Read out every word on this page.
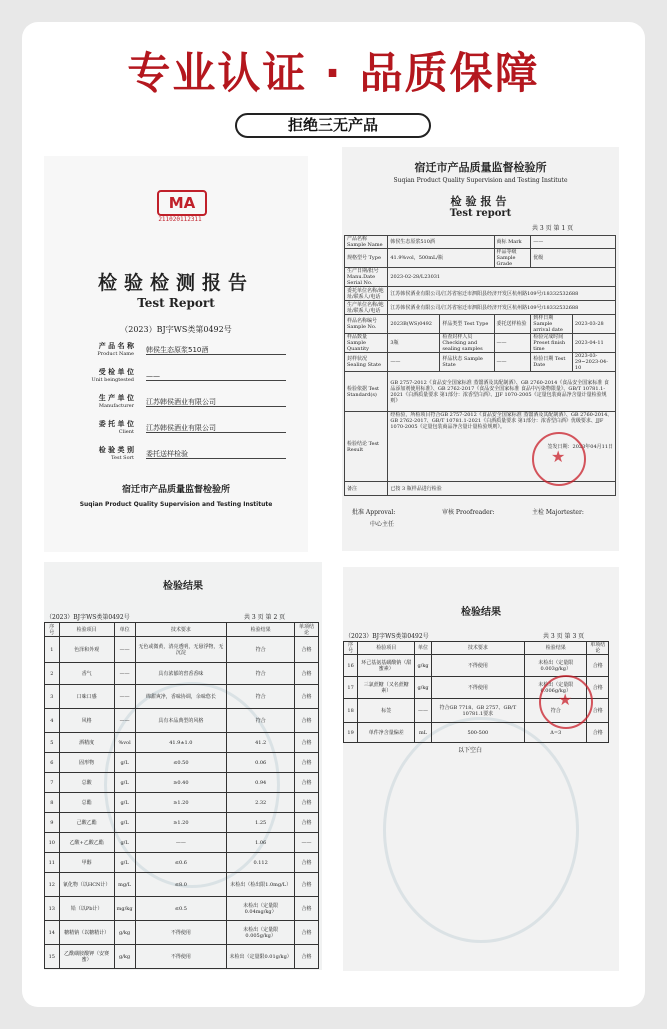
专业认证 · 品质保障
拒绝三无产品
MA
211020112311
检验检测报告
Test Report
（2023）BJ字WS类第0492号
产 品 名 称
Product Name 韩侯生态原浆510酒
受 检 单 位
Unit beingtested ——
生 产 单 位
Manufacturer 江苏韩侯酒业有限公司
委 托 单 位
Client 江苏韩侯酒业有限公司
检 验 类 别
Test Sort 委托送样检验
宿迁市产品质量监督检验所
Suqian Product Quality Supervision and Testing Institute
宿迁市产品质量监督检验所
Suqian Product Quality Supervision and Testing Institute
检验报告
Test report
共 3 页 第 1 页
产品名称 Sample Name	韩侯生态原浆510酒		商标 Mark	——	
规格型号 Type	41.9%vol，500mL/瓶		样品等级 Sample Grade	优级	
生产日期/批号 Manu.Date Serial No.	2023-02-28/L23031				
委托单位名称/地址/联系人/电话	江苏韩侯酒业有限公司/江苏省宿迁市泗阳县经济开发区杭州路109号/18332532688				
生产单位名称/地址/联系人/电话	江苏韩侯酒业有限公司/江苏省宿迁市泗阳县经济开发区杭州路109号/18332532688				
样品名称编号 Sample No.	2023B(WS)0492	样品类型 Test Type	委托送样检验	到样日期 Sample arrival date	2023-03-28
样品数量 Sample Quantity	3瓶	检查封样人员 Checking and sealing samples	——	检验完成时间 Preset finish time	2023-04-11
封样状况 Sealing State	——	样品状态 Sample State	——	检验日期 Test Date	2023-03-29~2023-04-10
检验依据 Test Standard(s)	GB 2757-2012《食品安全国家标准 蒸馏酒及其配制酒》、GB 2760-2014《食品安全国家标准 食品添加剂使用标准》、GB 2762-2017《食品安全国家标准 食品中污染物限量》、GB/T 10781.1-2021《白酒质量要求 第1部分：浓香型白酒》、JJF 1070-2005《定量包装商品净含量计量检验规则》				
检验结论 Test Result	经检验，所检项目符合GB 2757-2012《食品安全国家标准 蒸馏酒及其配制酒》、GB 2760-2014、GB 2762-2017、GB/T 10781.1-2021《白酒质量要求 第1部分：浓香型白酒》优级要求、JJF 1070-2005《定量包装商品净含量计量检验规则》。
签发日期：2023年04月11日				

备注	已按 3 瓶样品进行检验				
★
批准 Approval:
中心主任
审核 Proofreader:	主检 Majortester:
检验结果
（2023）BJ字WS类第0492号	共 3 页 第 2 页
序号	检验项目	单位	技术要求	检验结果	单项结论
1	色泽和外观	——	无色或微黄，清亮透明，无悬浮物，无沉淀	符合	合格
2	香气	——	具有浓郁的窖香香味	符合	合格
3	口味口感	——	绵甜爽净，香味协调，余味悠长	符合	合格
4	风格	——	具有本品典型的风格	符合	合格
5	酒精度	%vol	41.9±1.0	41.2	合格
6	固形物	g/L	≤0.50	0.06	合格
7	总酸	g/L	≥0.40	0.94	合格
8	总酯	g/L	≥1.20	2.32	合格
9	己酸乙酯	g/L	≥1.20	1.25	合格
10	乙酸+乙酸乙酯	g/L	——	1.06	——
11	甲醇	g/L	≤0.6	0.112	合格
12	氰化物（以HCN计）	mg/L	≤8.0	未检出（检出限1.0mg/L）	合格
13	铅（以Pb计）	mg/kg	≤0.5	未检出（定量限0.04mg/kg）	合格
14	糖精钠（以糖精计）	g/kg	不得使用	未检出（定量限0.005g/kg）	合格
15	乙酰磺胺酸钾（安赛蜜）	g/kg	不得使用	未检出（定量限0.01g/kg）	合格
检验结果
（2023）BJ字WS类第0492号	共 3 页 第 3 页
序号	检验项目	单位	技术要求	检验结果	单项结论
16	环己基氨基磺酸钠（甜蜜素）	g/kg	不得使用	未检出（定量限0.003g/kg）	合格
17	三氯蔗糖（又名蔗糖素）	g/kg	不得使用	未检出（定量限0.006g/kg）	合格
18	标签	——	符合GB 7718、GB 2757、GB/T 10781.1要求	符合	合格
19	单件净含量偏差	mL	500-500	Δ=3	合格
以下空白
★
